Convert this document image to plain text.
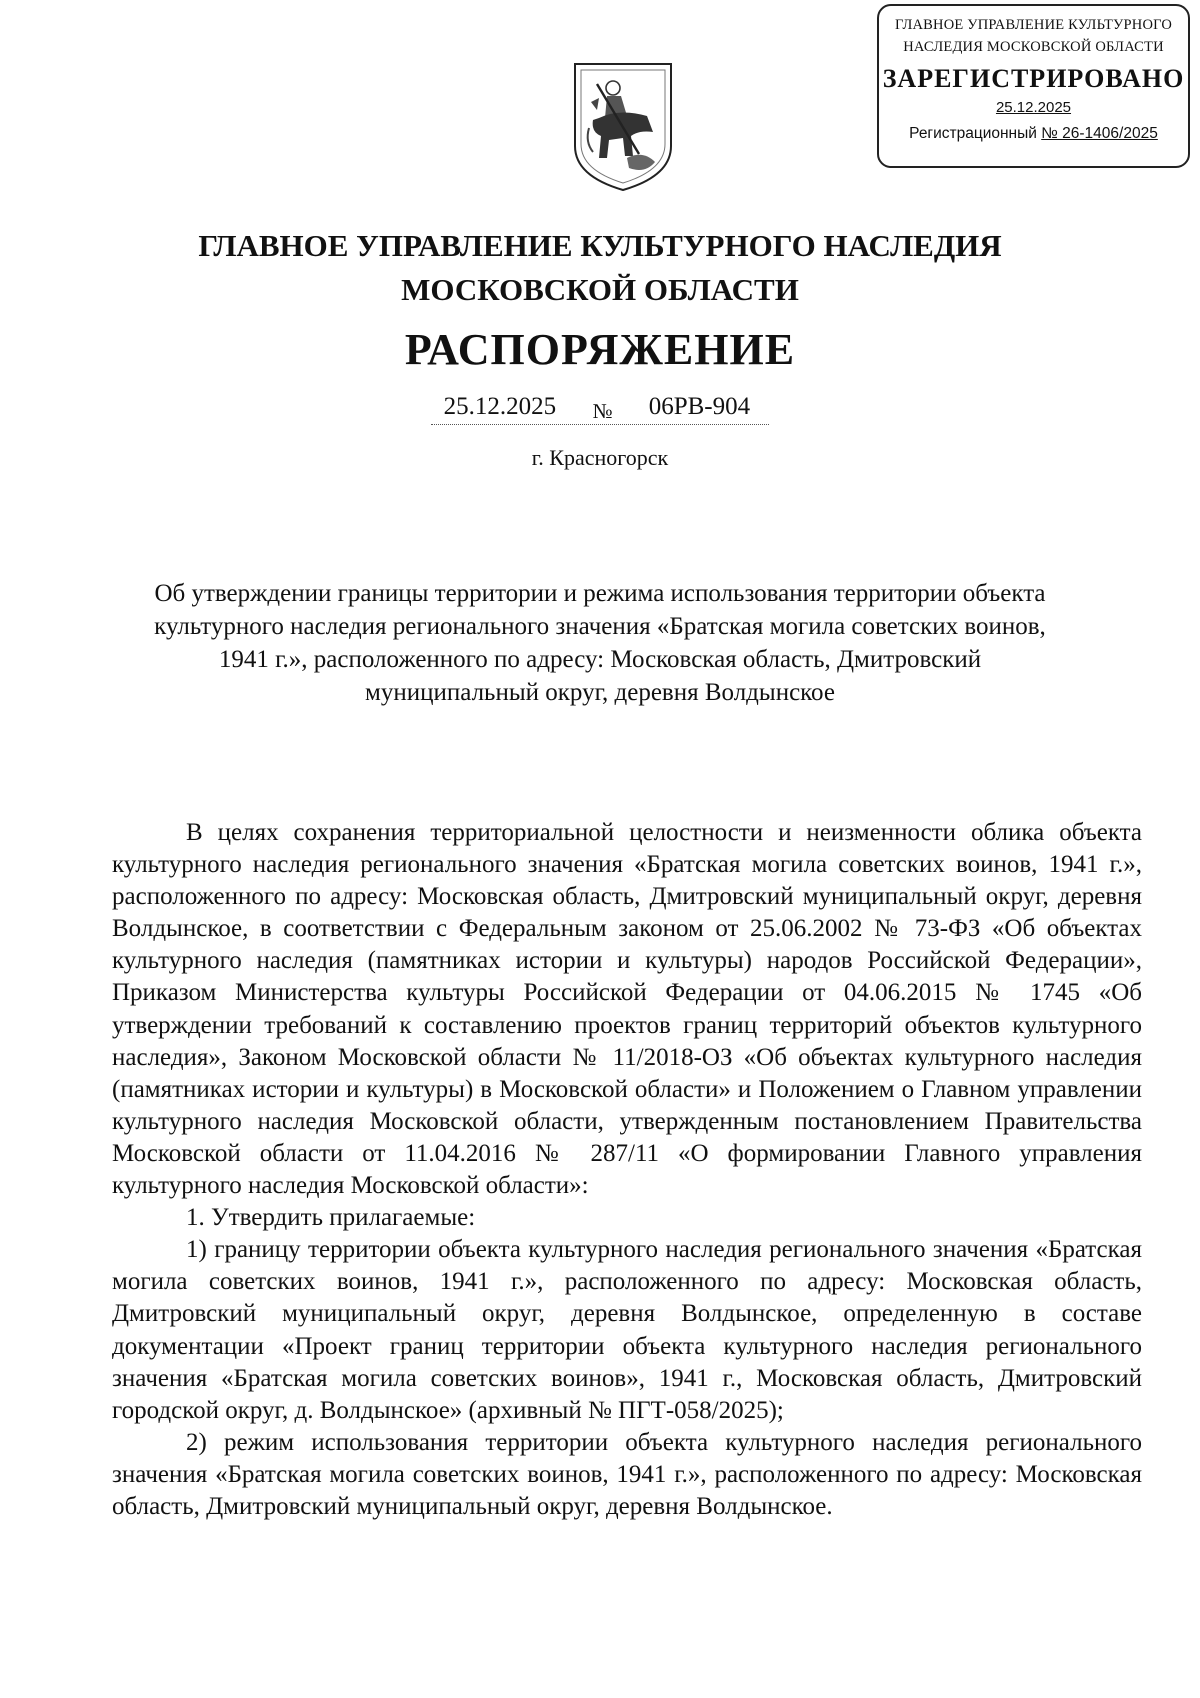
ГЛАВНОЕ УПРАВЛЕНИЕ КУЛЬТУРНОГО
НАСЛЕДИЯ МОСКОВСКОЙ ОБЛАСТИ
ЗАРЕГИСТРИРОВАНО
25.12.2025
Регистрационный № 26-1406/2025
ГЛАВНОЕ УПРАВЛЕНИЕ КУЛЬТУРНОГО НАСЛЕДИЯ
МОСКОВСКОЙ ОБЛАСТИ
РАСПОРЯЖЕНИЕ
25.12.2025 № 06РВ-904
г. Красногорск
Об утверждении границы территории и режима использования территории объекта
культурного наследия регионального значения «Братская могила советских воинов,
1941 г.», расположенного по адресу: Московская область, Дмитровский
муниципальный округ, деревня Волдынское

В целях сохранения территориальной целостности и неизменности облика объекта культурного наследия регионального значения «Братская могила советских воинов, 1941 г.», расположенного по адресу: Московская область, Дмитровский муниципальный округ, деревня Волдынское, в соответствии с Федеральным законом от 25.06.2002 № 73-ФЗ «Об объектах культурного наследия (памятниках истории и культуры) народов Российской Федерации», Приказом Министерства культуры Российской Федерации от 04.06.2015 № 1745 «Об утверждении требований к составлению проектов границ территорий объектов культурного наследия», Законом Московской области № 11/2018-ОЗ «Об объектах культурного наследия (памятниках истории и культуры) в Московской области» и Положением о Главном управлении культурного наследия Московской области, утвержденным постановлением Правительства Московской области от 11.04.2016 № 287/11 «О формировании Главного управления культурного наследия Московской области»:

1. Утвердить прилагаемые:

1) границу территории объекта культурного наследия регионального значения «Братская могила советских воинов, 1941 г.», расположенного по адресу: Московская область, Дмитровский муниципальный округ, деревня Волдынское, определенную в составе документации «Проект границ территории объекта культурного наследия регионального значения «Братская могила советских воинов», 1941 г., Московская область, Дмитровский городской округ, д. Волдынское» (архивный № ПГТ-058/2025);

2) режим использования территории объекта культурного наследия регионального значения «Братская могила советских воинов, 1941 г.», расположенного по адресу: Московская область, Дмитровский муниципальный округ, деревня Волдынское.
